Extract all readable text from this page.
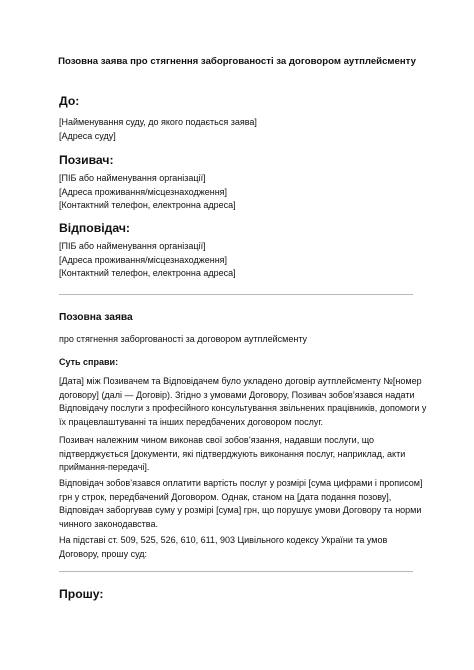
Позовна заява про стягнення заборгованості за договором аутплейсменту
До:
[Найменування суду, до якого подається заява]
[Адреса суду]
Позивач:
[ПІБ або найменування організації]
[Адреса проживання/місцезнаходження]
[Контактний телефон, електронна адреса]
Відповідач:
[ПІБ або найменування організації]
[Адреса проживання/місцезнаходження]
[Контактний телефон, електронна адреса]
Позовна заява
про стягнення заборгованості за договором аутплейсменту
Суть справи:
[Дата] між Позивачем та Відповідачем було укладено договір аутплейсменту №[номер
договору] (далі — Договір). Згідно з умовами Договору, Позивач зобов’язався надати
Відповідачу послуги з професійного консультування звільнених працівників, допомоги у
їх працевлаштуванні та інших передбачених договором послуг.
Позивач належним чином виконав свої зобов’язання, надавши послуги, що
підтверджується [документи, які підтверджують виконання послуг, наприклад, акти
приймання-передачі].
Відповідач зобов’язався оплатити вартість послуг у розмірі [сума цифрами і прописом]
грн у строк, передбачений Договором. Однак, станом на [дата подання позову],
Відповідач заборгував суму у розмірі [сума] грн, що порушує умови Договору та норми
чинного законодавства.
На підставі ст. 509, 525, 526, 610, 611, 903 Цивільного кодексу України та умов
Договору, прошу суд:
Прошу:
